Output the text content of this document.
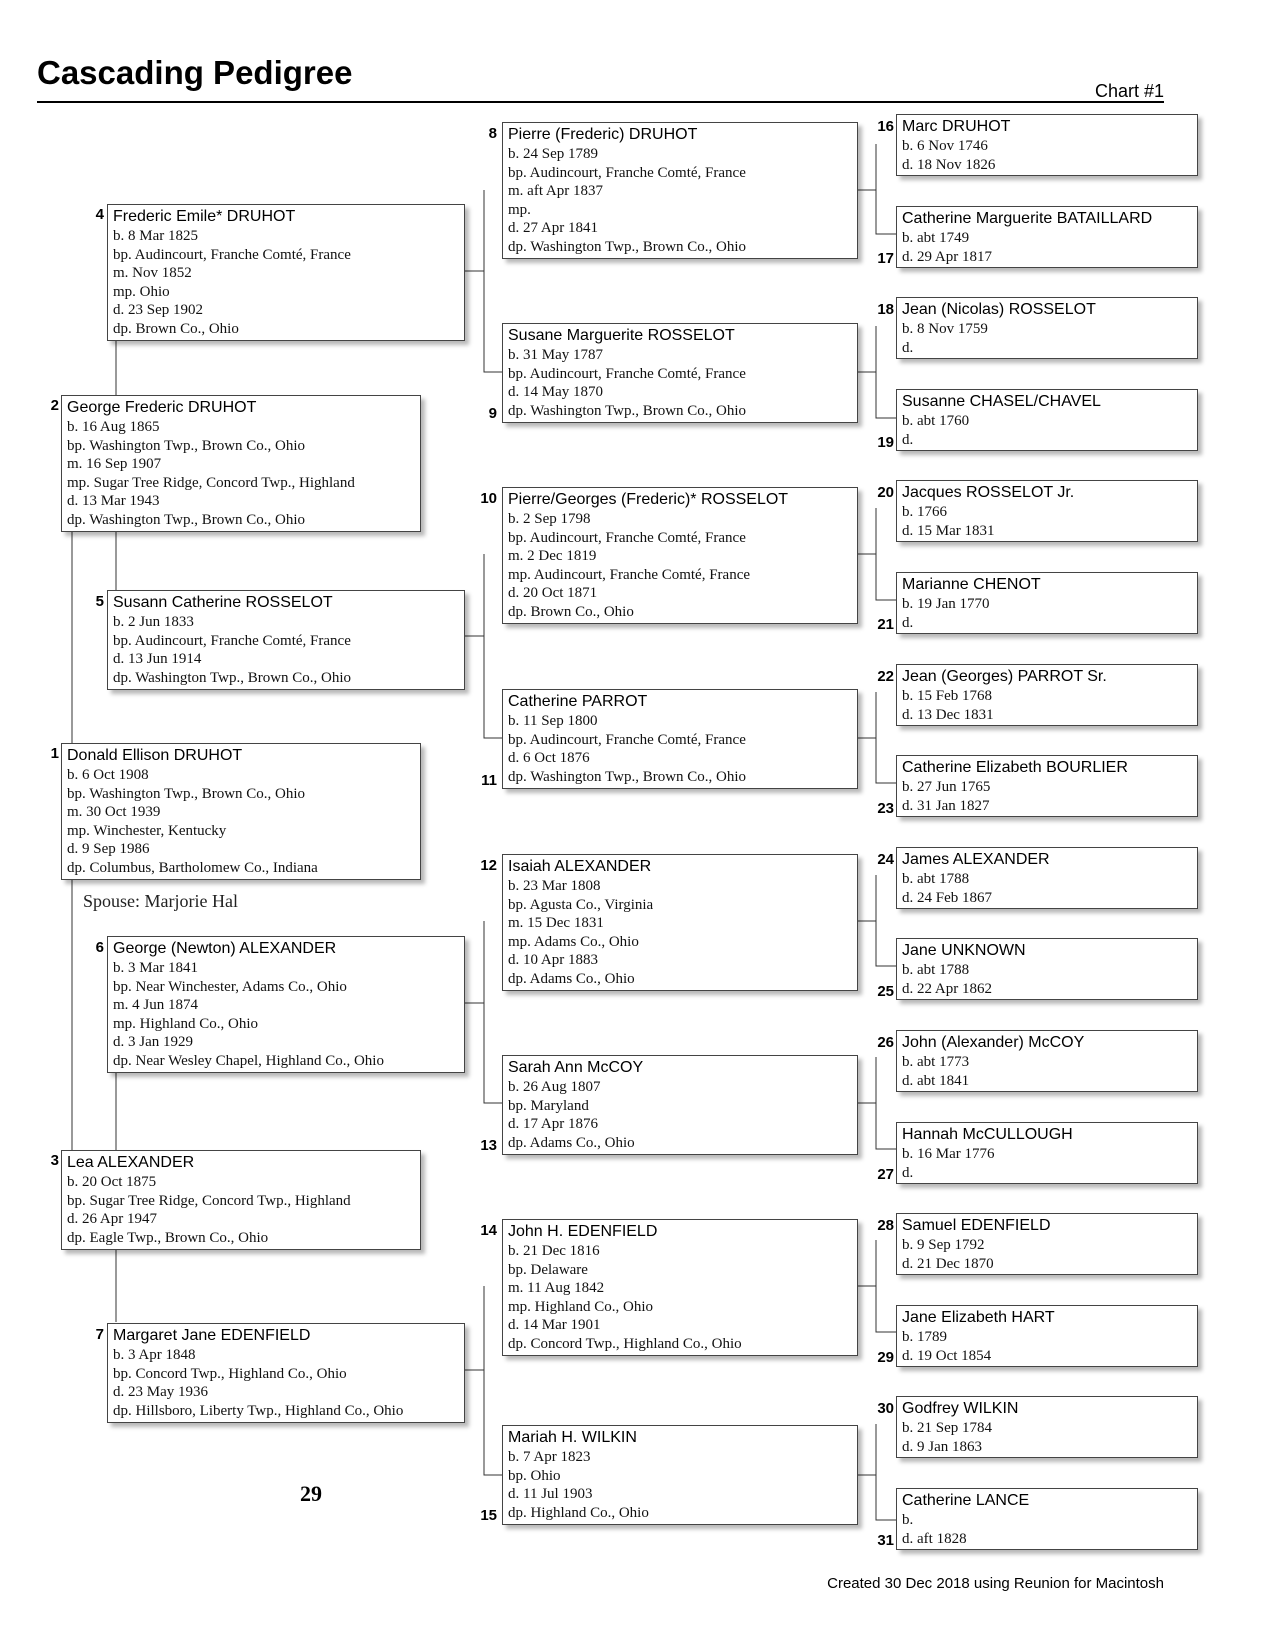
Cascading Pedigree	Chart #1
2 George Frederic DRUHOT
b. 16 Aug 1865
bp. Washington Twp., Brown Co., Ohio
m. 16 Sep 1907
mp. Sugar Tree Ridge, Concord Twp., Highland
d. 13 Mar 1943
dp. Washington Twp., Brown Co., Ohio
1 Donald Ellison DRUHOT
b. 6 Oct 1908
bp. Washington Twp., Brown Co., Ohio
m. 30 Oct 1939
mp. Winchester, Kentucky
d. 9 Sep 1986
dp. Columbus, Bartholomew Co., Indiana
Spouse: Marjorie Hal
3 Lea ALEXANDER
b. 20 Oct 1875
bp. Sugar Tree Ridge, Concord Twp., Highland
d. 26 Apr 1947
dp. Eagle Twp., Brown Co., Ohio
4 Frederic Emile* DRUHOT
b. 8 Mar 1825
bp. Audincourt, Franche Comté, France
m. Nov 1852
mp. Ohio
d. 23 Sep 1902
dp. Brown Co., Ohio
5 Susann Catherine ROSSELOT
b. 2 Jun 1833
bp. Audincourt, Franche Comté, France
d. 13 Jun 1914
dp. Washington Twp., Brown Co., Ohio
6 George (Newton) ALEXANDER
b. 3 Mar 1841
bp. Near Winchester, Adams Co., Ohio
m. 4 Jun 1874
mp. Highland Co., Ohio
d. 3 Jan 1929
dp. Near Wesley Chapel, Highland Co., Ohio
7 Margaret Jane EDENFIELD
b. 3 Apr 1848
bp. Concord Twp., Highland Co., Ohio
d. 23 May 1936
dp. Hillsboro, Liberty Twp., Highland Co., Ohio
29
8 Pierre (Frederic) DRUHOT
b. 24 Sep 1789
bp. Audincourt, Franche Comté, France
m. aft Apr 1837
mp.
d. 27 Apr 1841
dp. Washington Twp., Brown Co., Ohio
9
Susane Marguerite ROSSELOT
b. 31 May 1787
bp. Audincourt, Franche Comté, France
d. 14 May 1870
dp. Washington Twp., Brown Co., Ohio
10 Pierre/Georges (Frederic)* ROSSELOT
b. 2 Sep 1798
bp. Audincourt, Franche Comté, France
m. 2 Dec 1819
mp. Audincourt, Franche Comté, France
d. 20 Oct 1871
dp. Brown Co., Ohio
11
Catherine PARROT
b. 11 Sep 1800
bp. Audincourt, Franche Comté, France
d. 6 Oct 1876
dp. Washington Twp., Brown Co., Ohio
12 Isaiah ALEXANDER
b. 23 Mar 1808
bp. Agusta Co., Virginia
m. 15 Dec 1831
mp. Adams Co., Ohio
d. 10 Apr 1883
dp. Adams Co., Ohio
13
Sarah Ann McCOY
b. 26 Aug 1807
bp. Maryland
d. 17 Apr 1876
dp. Adams Co., Ohio
14 John H. EDENFIELD
b. 21 Dec 1816
bp. Delaware
m. 11 Aug 1842
mp. Highland Co., Ohio
d. 14 Mar 1901
dp. Concord Twp., Highland Co., Ohio
15
Mariah H. WILKIN
b. 7 Apr 1823
bp. Ohio
d. 11 Jul 1903
dp. Highland Co., Ohio
16 Marc DRUHOT
b. 6 Nov 1746
d. 18 Nov 1826
17
Catherine Marguerite BATAILLARD
b. abt 1749
d. 29 Apr 1817
18 Jean (Nicolas) ROSSELOT
b. 8 Nov 1759
d.
19
Susanne CHASEL/CHAVEL
b. abt 1760
d.
20 Jacques ROSSELOT Jr.
b. 1766
d. 15 Mar 1831
21
Marianne CHENOT
b. 19 Jan 1770
d.
22 Jean (Georges) PARROT Sr.
b. 15 Feb 1768
d. 13 Dec 1831
23
Catherine Elizabeth BOURLIER
b. 27 Jun 1765
d. 31 Jan 1827
24 James ALEXANDER
b. abt 1788
d. 24 Feb 1867
25
Jane UNKNOWN
b. abt 1788
d. 22 Apr 1862
26 John (Alexander) McCOY
b. abt 1773
d. abt 1841
27
Hannah McCULLOUGH
b. 16 Mar 1776
d.
28 Samuel EDENFIELD
b. 9 Sep 1792
d. 21 Dec 1870
29
Jane Elizabeth HART
b. 1789
d. 19 Oct 1854
30 Godfrey WILKIN
b. 21 Sep 1784
d. 9 Jan 1863
31
Catherine LANCE
b.
d. aft 1828
Created 30 Dec 2018 using Reunion for Macintosh
